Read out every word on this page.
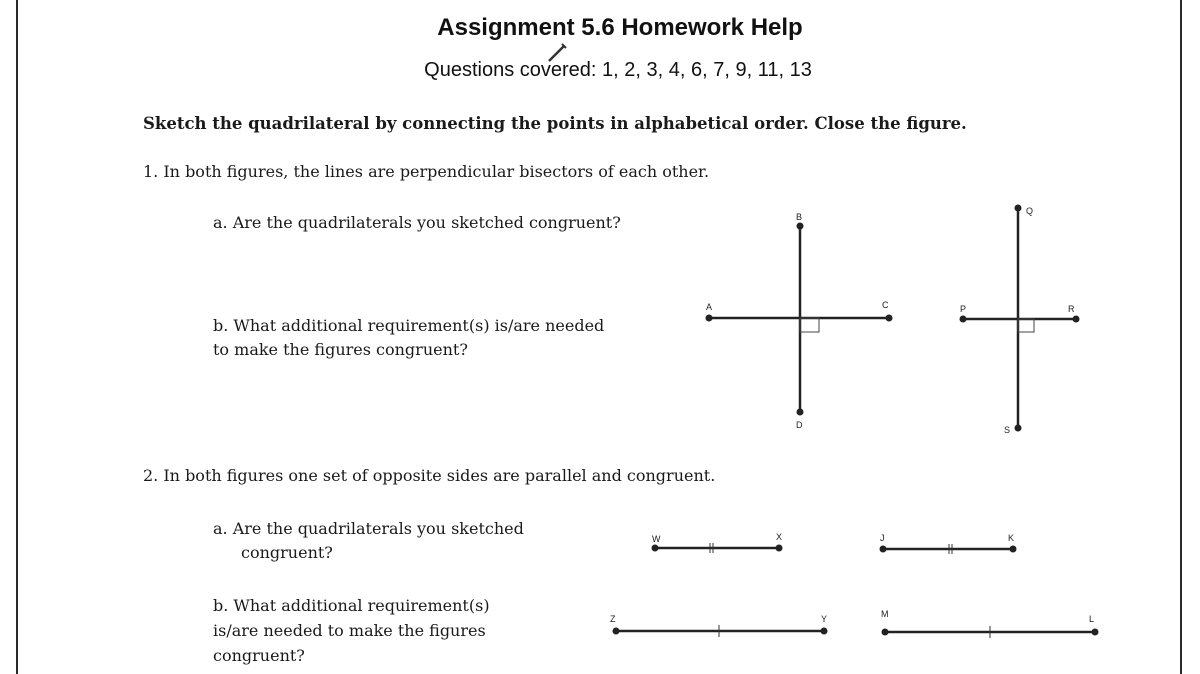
Assignment 5.6 Homework Help
Questions covered: 1, 2, 3, 4, 6, 7, 9, 11, 13
Sketch the quadrilateral by connecting the points in alphabetical order. Close the figure.
1. In both figures, the lines are perpendicular bisectors of each other.
a. Are the quadrilaterals you sketched congruent?
b. What additional requirement(s) is/are needed
to make the figures congruent?
2. In both figures one set of opposite sides are parallel and congruent.
a. Are the quadrilaterals you sketched

congruent?
b. What additional requirement(s)
is/are needed to make the figures
congruent?
A
B
C
D
P
Q
R
S
W	X
Z	Y
J	K
M	L
